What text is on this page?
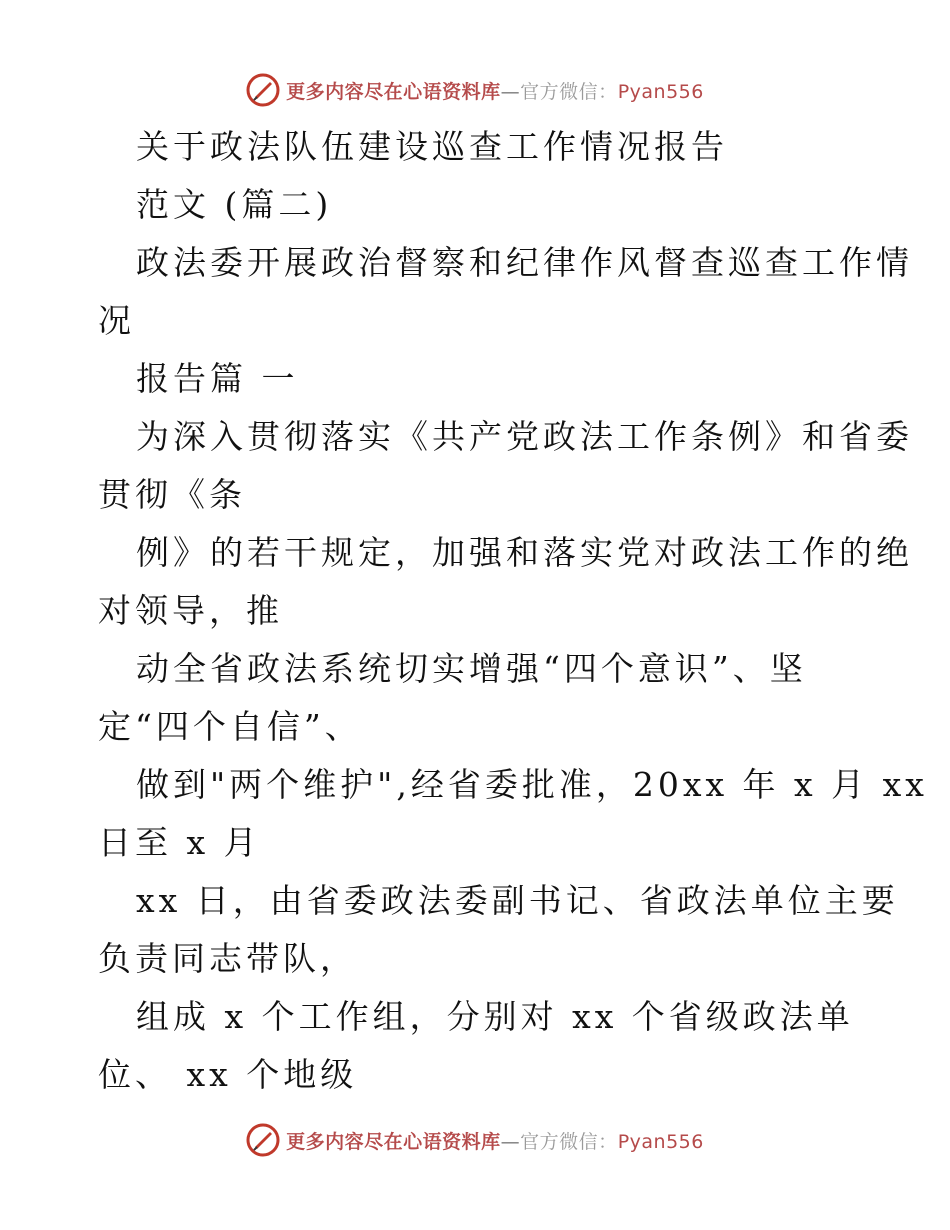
更多内容尽在心语资料库—官方微信：Pyan556
关于政法队伍建设巡查工作情况报告
范文 (篇二)
政法委开展政治督察和纪律作风督查巡查工作情
况
报告篇 一
为深入贯彻落实《共产党政法工作条例》和省委
贯彻《条
例》的若干规定，加强和落实党对政法工作的绝
对领导，推
动全省政法系统切实增强“四个意识”、坚
定“四个自信”、
做到"两个维护",经省委批准，20xx 年 x 月 xx
日至 x 月
xx 日，由省委政法委副书记、省政法单位主要
负责同志带队，
组成 x 个工作组，分别对 xx 个省级政法单
位、 xx 个地级
更多内容尽在心语资料库—官方微信：Pyan556
